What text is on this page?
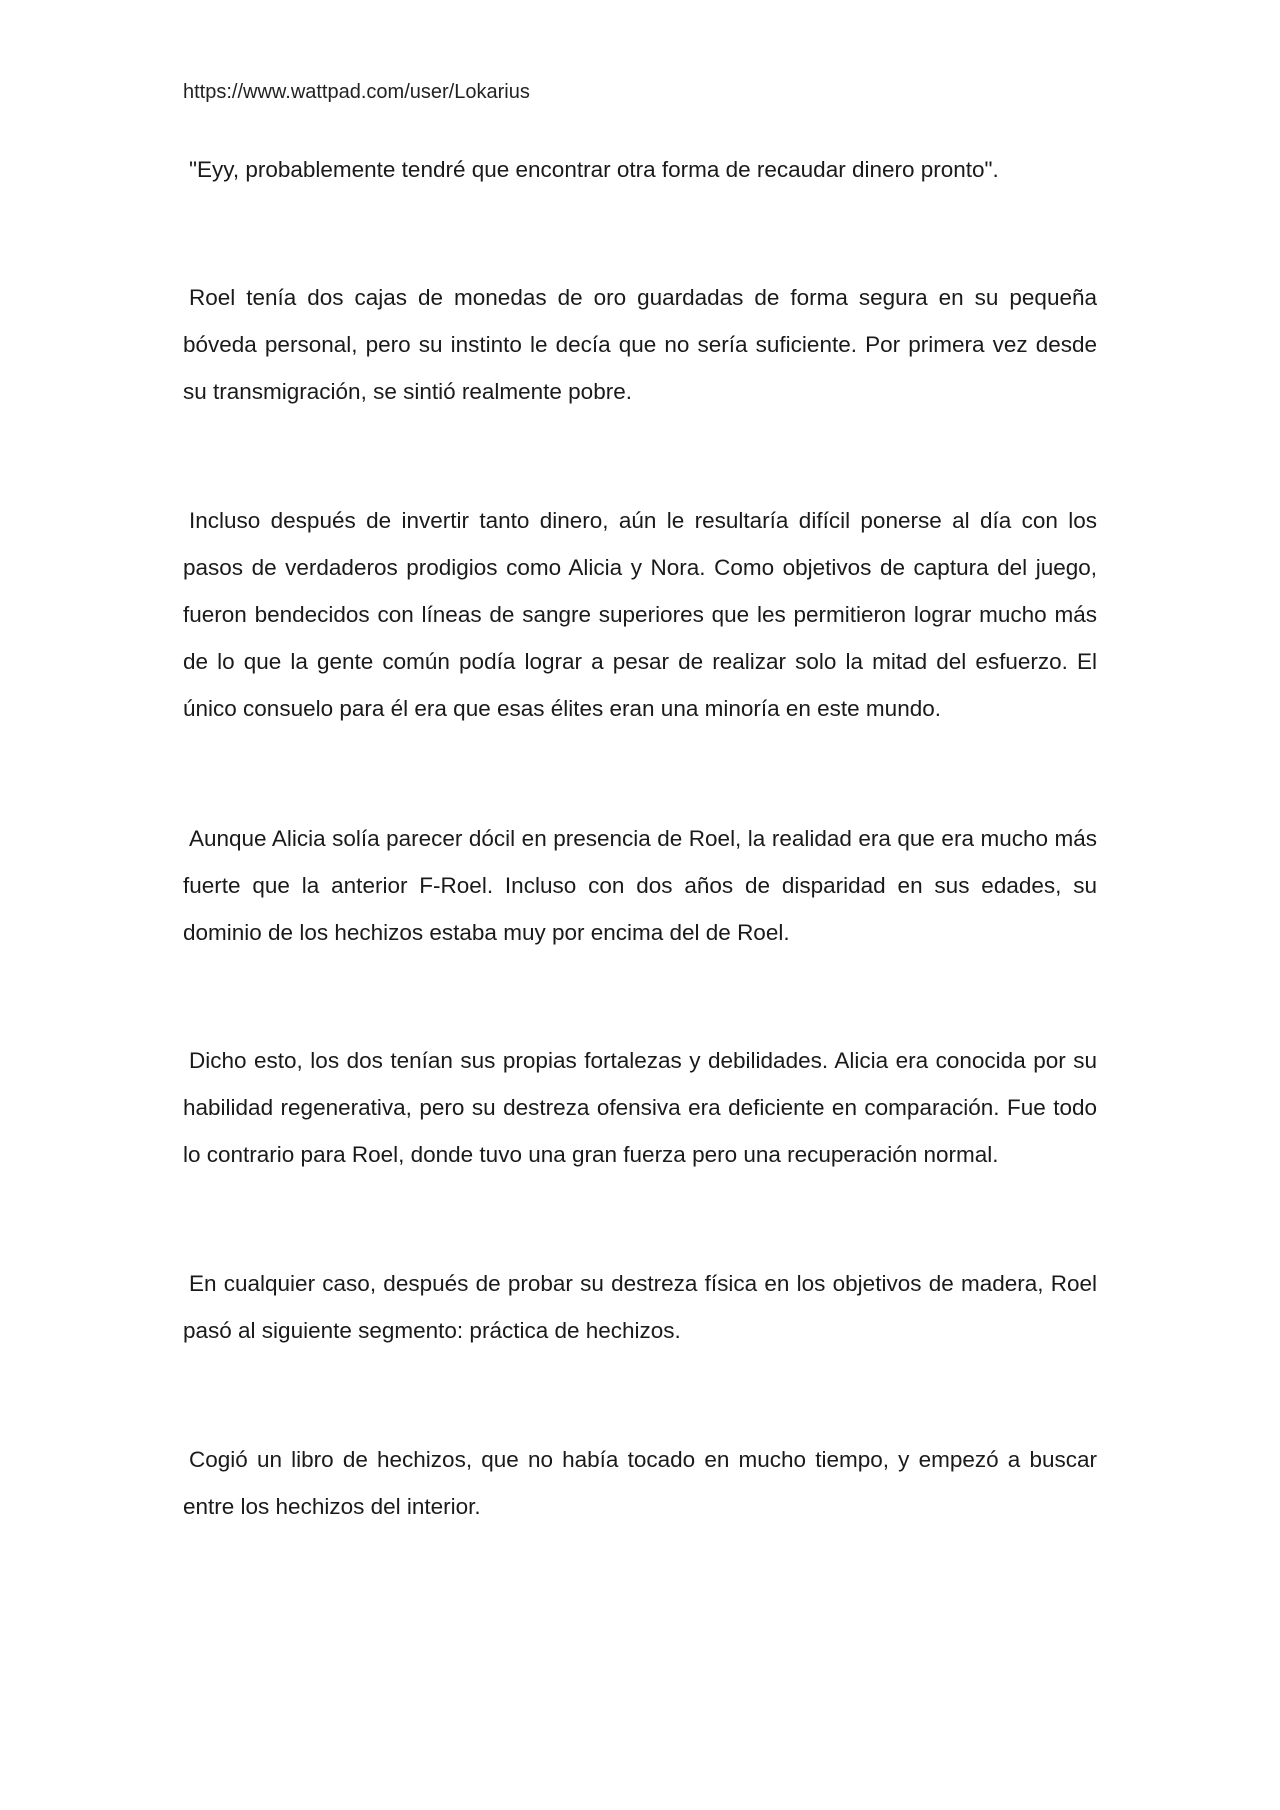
https://www.wattpad.com/user/Lokarius

"Eyy, probablemente tendré que encontrar otra forma de recaudar dinero pronto".

Roel tenía dos cajas de monedas de oro guardadas de forma segura en su pequeña bóveda personal, pero su instinto le decía que no sería suficiente. Por primera vez desde su transmigración, se sintió realmente pobre.

Incluso después de invertir tanto dinero, aún le resultaría difícil ponerse al día con los pasos de verdaderos prodigios como Alicia y Nora. Como objetivos de captura del juego, fueron bendecidos con líneas de sangre superiores que les permitieron lograr mucho más de lo que la gente común podía lograr a pesar de realizar solo la mitad del esfuerzo. El único consuelo para él era que esas élites eran una minoría en este mundo.

Aunque Alicia solía parecer dócil en presencia de Roel, la realidad era que era mucho más fuerte que la anterior F-Roel. Incluso con dos años de disparidad en sus edades, su dominio de los hechizos estaba muy por encima del de Roel.

Dicho esto, los dos tenían sus propias fortalezas y debilidades. Alicia era conocida por su habilidad regenerativa, pero su destreza ofensiva era deficiente en comparación. Fue todo lo contrario para Roel, donde tuvo una gran fuerza pero una recuperación normal.

En cualquier caso, después de probar su destreza física en los objetivos de madera, Roel pasó al siguiente segmento: práctica de hechizos.

Cogió un libro de hechizos, que no había tocado en mucho tiempo, y empezó a buscar entre los hechizos del interior.
